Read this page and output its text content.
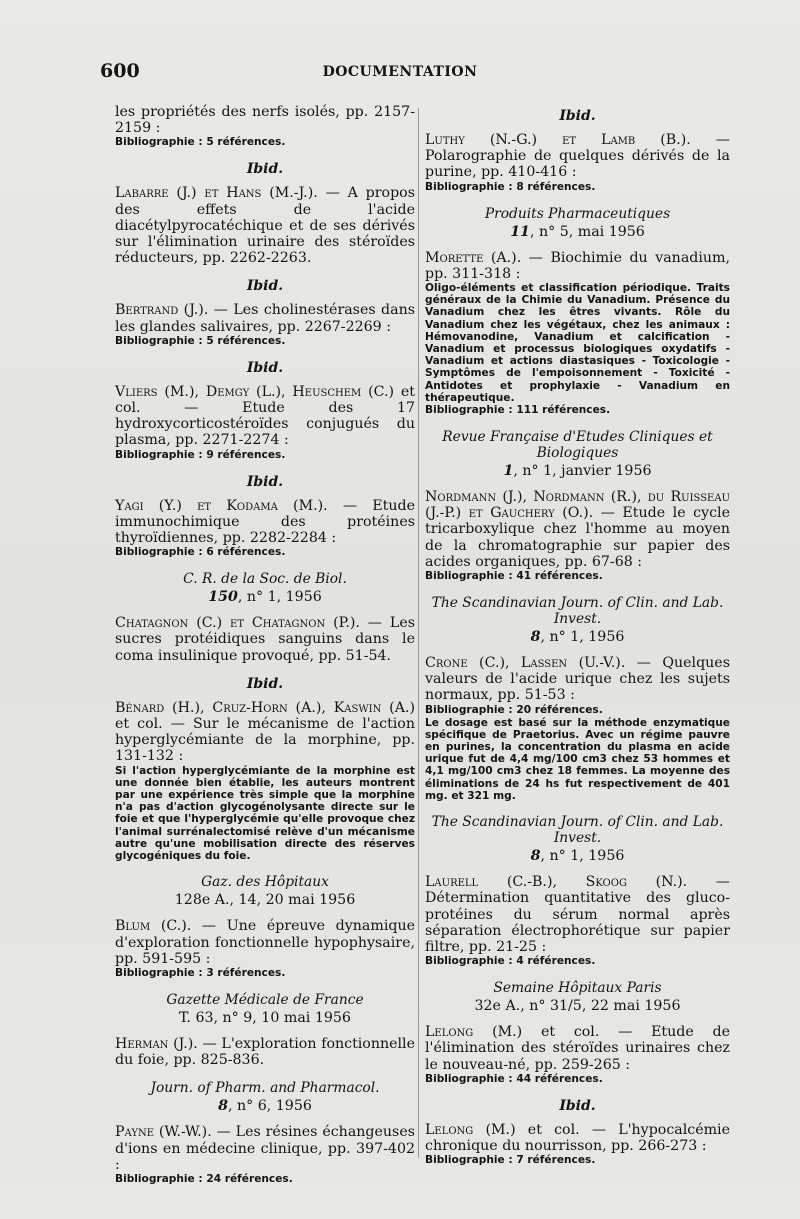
600	DOCUMENTATION
les propriétés des nerfs isolés, pp. 2157-2159 :
Bibliographie : 5 références.
Ibid.
Labarre (J.) et Hans (M.-J.). — A propos des effets de l'acide diacétylpyrocatéchique et de ses dérivés sur l'élimination urinaire des stéroïdes réducteurs, pp. 2262-2263.
Ibid.
Bertrand (J.). — Les cholinestérases dans les glandes salivaires, pp. 2267-2269 :
Bibliographie : 5 références.
Ibid.
Vliers (M.), Demgy (L.), Heuschem (C.) et col. — Etude des 17 hydroxycorticostéroïdes conjugués du plasma, pp. 2271-2274 :
Bibliographie : 9 références.
Ibid.
Yagi (Y.) et Kodama (M.). — Etude immunochimique des protéines thyroïdiennes, pp. 2282-2284 :
Bibliographie : 6 références.
C. R. de la Soc. de Biol.
150, n° 1, 1956
Chatagnon (C.) et Chatagnon (P.). — Les sucres protéidiques sanguins dans le coma insulinique provoqué, pp. 51-54.
Ibid.
Bénard (H.), Cruz-Horn (A.), Kaswin (A.) et col. — Sur le mécanisme de l'action hyperglycémiante de la morphine, pp. 131-132 :
Si l'action hyperglycémiante de la morphine est une donnée bien établie, les auteurs montrent par une expérience très simple que la morphine n'a pas d'action glycogénolysante directe sur le foie et que l'hyperglycémie qu'elle provoque chez l'animal surrénalectomisé relève d'un mécanisme autre qu'une mobilisation directe des réserves glycogéniques du foie.
Gaz. des Hôpitaux
128e A., 14, 20 mai 1956
Blum (C.). — Une épreuve dynamique d'exploration fonctionnelle hypophysaire, pp. 591-595 :
Bibliographie : 3 références.
Gazette Médicale de France
T. 63, n° 9, 10 mai 1956
Herman (J.). — L'exploration fonctionnelle du foie, pp. 825-836.
Journ. of Pharm. and Pharmacol.
8, n° 6, 1956
Payne (W.-W.). — Les résines échangeuses d'ions en médecine clinique, pp. 397-402 :
Bibliographie : 24 références.
Ibid.
Luthy (N.-G.) et Lamb (B.). — Polarographie de quelques dérivés de la purine, pp. 410-416 :
Bibliographie : 8 références.
Produits Pharmaceutiques
11, n° 5, mai 1956
Morette (A.). — Biochimie du vanadium, pp. 311-318 :
Oligo-éléments et classification périodique. Traits généraux de la Chimie du Vanadium. Présence du Vanadium chez les êtres vivants. Rôle du Vanadium chez les végétaux, chez les animaux : Hémovanodine, Vanadium et calcification - Vanadium et processus biologiques oxydatifs - Vanadium et actions diastasiques - Toxicologie - Symptômes de l'empoisonnement - Toxicité - Antidotes et prophylaxie - Vanadium en thérapeutique.
Bibliographie : 111 références.
Revue Française d'Etudes Cliniques et Biologiques
1, n° 1, janvier 1956
Nordmann (J.), Nordmann (R.), du Ruisseau (J.-P.) et Gauchery (O.). — Etude le cycle tricarboxylique chez l'homme au moyen de la chromatographie sur papier des acides organiques, pp. 67-68 :
Bibliographie : 41 références.
The Scandinavian Journ. of Clin. and Lab. Invest.
8, n° 1, 1956
Crone (C.), Lassen (U.-V.). — Quelques valeurs de l'acide urique chez les sujets normaux, pp. 51-53 :
Bibliographie : 20 références.
Le dosage est basé sur la méthode enzymatique spécifique de Praetorius. Avec un régime pauvre en purines, la concentration du plasma en acide urique fut de 4,4 mg/100 cm3 chez 53 hommes et 4,1 mg/100 cm3 chez 18 femmes. La moyenne des éliminations de 24 hs fut respectivement de 401 mg. et 321 mg.
The Scandinavian Journ. of Clin. and Lab. Invest.
8, n° 1, 1956
Laurell (C.-B.), Skoog (N.). — Détermination quantitative des gluco-protéines du sérum normal après séparation électrophorétique sur papier filtre, pp. 21-25 :
Bibliographie : 4 références.
Semaine Hôpitaux Paris
32e A., n° 31/5, 22 mai 1956
Lelong (M.) et col. — Etude de l'élimination des stéroïdes urinaires chez le nouveau-né, pp. 259-265 :
Bibliographie : 44 références.
Ibid.
Lelong (M.) et col. — L'hypocalcémie chronique du nourrisson, pp. 266-273 :
Bibliographie : 7 références.
